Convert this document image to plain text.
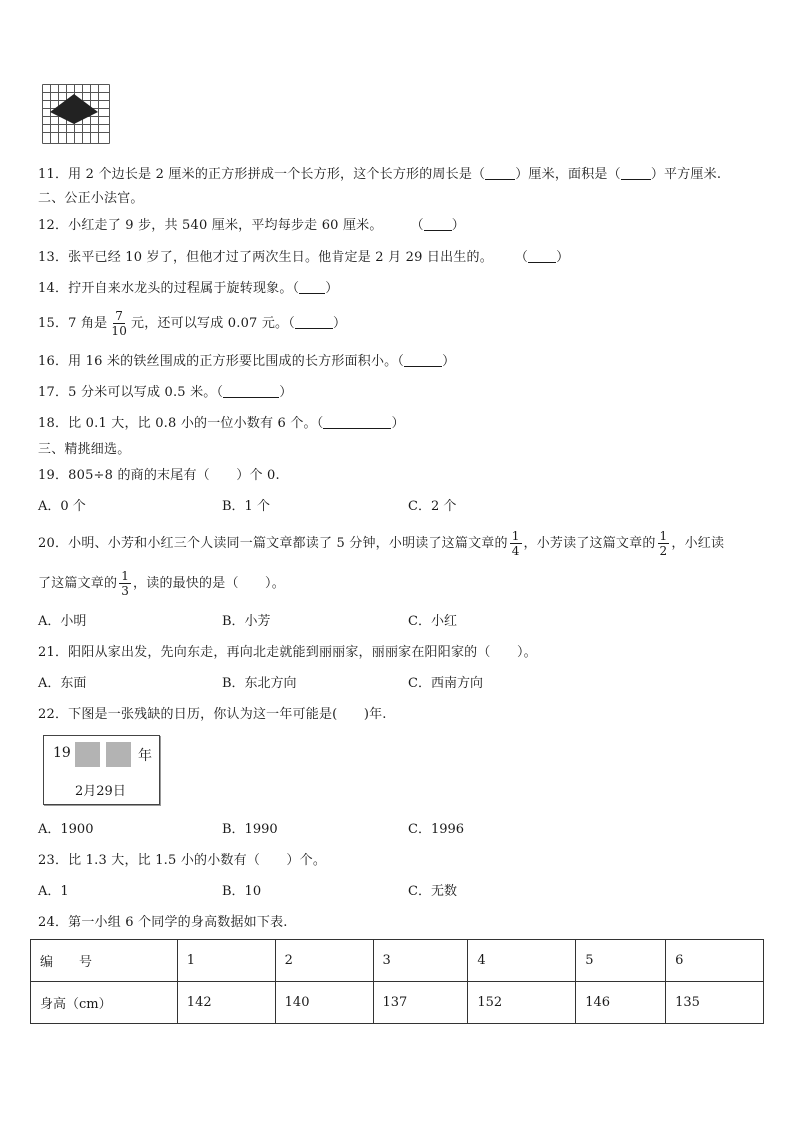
11．用 2 个边长是 2 厘米的正方形拼成一个长方形，这个长方形的周长是（ ）厘米，面积是（ ）平方厘米.
二、公正小法官。
12．小红走了 9 步，共 540 厘米，平均每步走 60 厘米。 （ ）
13．张平已经 10 岁了，但他才过了两次生日。他肯定是 2 月 29 日出生的。 （ ）
14．拧开自来水龙头的过程属于旋转现象。（ ）
15．7 角是 $\frac{7}{10}$ 元，还可以写成 0.07 元。（	）
16．用 16 米的铁丝围成的正方形要比围成的长方形面积小。（	）
17．5 分米可以写成 0.5 米。（	）
18．比 0.1 大，比 0.8 小的一位小数有 6 个。（	）
三、精挑细选。
19．805÷8 的商的末尾有（　　）个 0.
A．0 个	B．1 个	C．2 个
20．小明、小芳和小红三个人读同一篇文章都读了 5 分钟，小明读了这篇文章的 $\frac{1}{4}$ ，小芳读了这篇文章的 $\frac{1}{2}$ ，小红读
了这篇文章的 $\frac{1}{3}$ ，读的最快的是（　　）。
A．小明	B．小芳	C．小红
21．阳阳从家出发，先向东走，再向北走就能到丽丽家，丽丽家在阳阳家的（　　）。
A．东面	B．东北方向	C．西南方向
22．下图是一张残缺的日历，你认为这一年可能是(　　)年.
19	年
2月29日
A．1900	B．1990	C．1996
23．比 1.3 大，比 1.5 小的小数有（　　）个。
A．1	B．10	C．无数
24．第一小组 6 个同学的身高数据如下表.
编　　号	1	2	3	4	5	6
身高（cm）	142	140	137	152	146	135
